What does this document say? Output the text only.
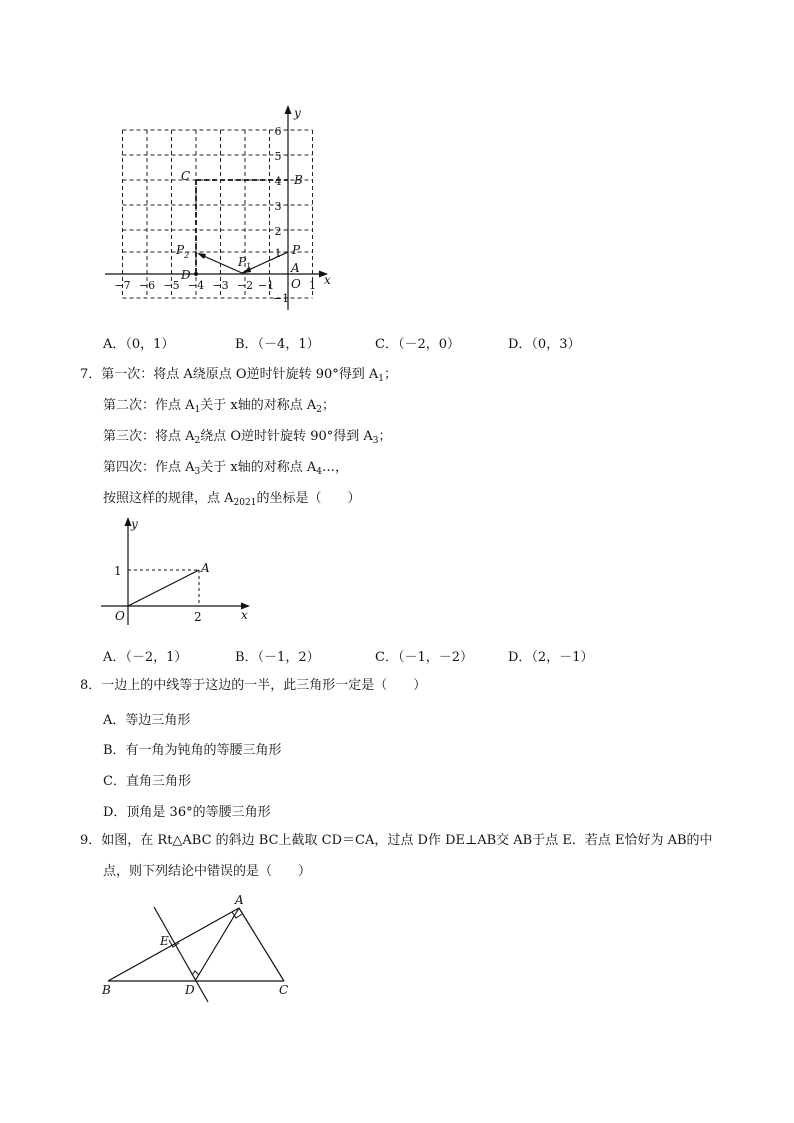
−7 −6 −5 −4 −3 −2 −1	1
6
5
4
3
2
1
−1
x
y
O
A
B
C
D
P
P
P
1
2
A．（0，1）	B．（－4，1）	C．（－2，0）	D．（0，3）
7．第一次：将点 A绕原点 O逆时针旋转 90°得到 $A_1$；
第二次：作点 $A_1$关于 x轴的对称点 $A_2$；
第三次：将点 $A_2$绕点 O逆时针旋转 90°得到 $A_3$；
第四次：作点 $A_3$关于 x轴的对称点 $A_4\dots$，
按照这样的规律，点 $A_{2021}$的坐标是（　　）
y
x
O
A
1
2
A．（－2，1）	B．（－1，2）	C．（－1，－2）	D．（2，－1）
8．一边上的中线等于这边的一半，此三角形一定是（　　）
A．等边三角形
B．有一角为钝角的等腰三角形
C．直角三角形
D．顶角是 36°的等腰三角形
9．如图，在 Rt△ABC 的斜边 BC上截取 CD＝CA，过点 D作 DE⊥AB交 AB于点 E．若点 E恰好为 AB的中
点，则下列结论中错误的是（　　）
A
B	C
D
E
